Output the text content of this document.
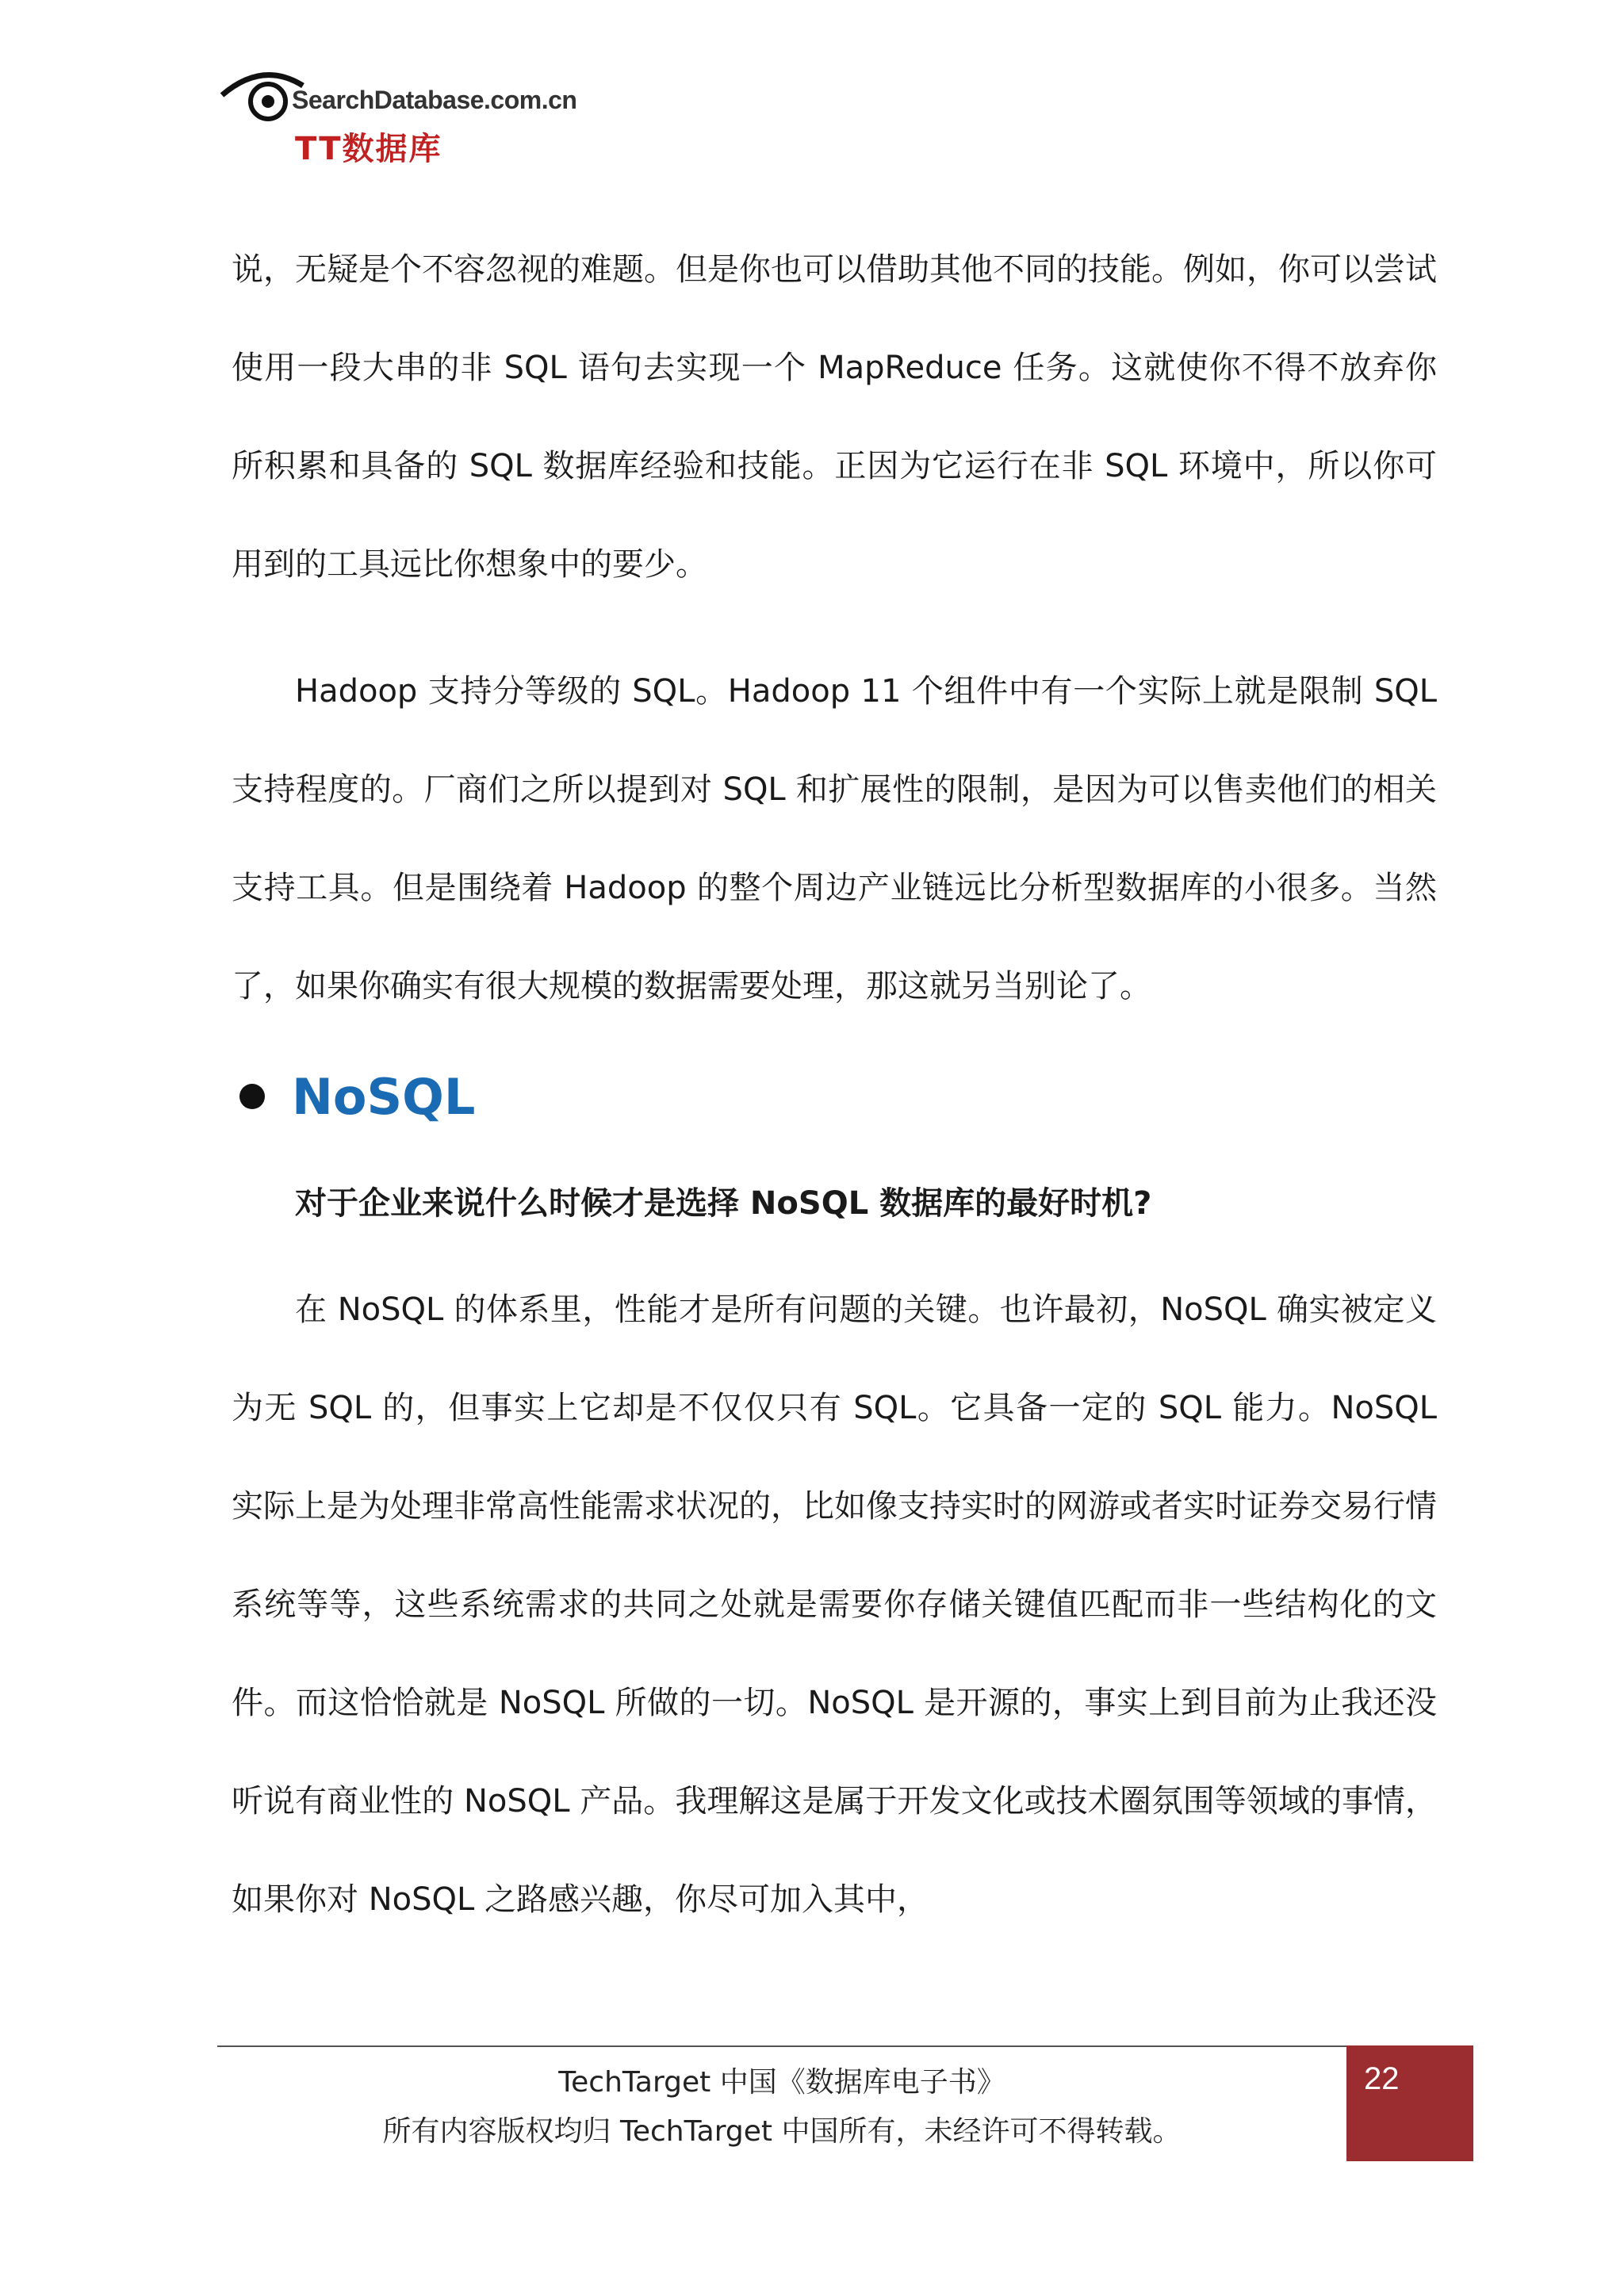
SearchDatabase.com.cn
TT数据库

说，无疑是个不容忽视的难题。但是你也可以借助其他不同的技能。例如，你可以尝试使用一段大串的非 SQL 语句去实现一个 MapReduce 任务。这就使你不得不放弃你所积累和具备的 SQL 数据库经验和技能。正因为它运行在非 SQL 环境中，所以你可用到的工具远比你想象中的要少。

Hadoop 支持分等级的 SQL。Hadoop 11 个组件中有一个实际上就是限制 SQL 支持程度的。厂商们之所以提到对 SQL 和扩展性的限制，是因为可以售卖他们的相关支持工具。但是围绕着 Hadoop 的整个周边产业链远比分析型数据库的小很多。当然了，如果你确实有很大规模的数据需要处理，那这就另当别论了。

NoSQL

对于企业来说什么时候才是选择 NoSQL 数据库的最好时机?

在 NoSQL 的体系里，性能才是所有问题的关键。也许最初，NoSQL 确实被定义为无 SQL 的，但事实上它却是不仅仅只有 SQL。它具备一定的 SQL 能力。NoSQL 实际上是为处理非常高性能需求状况的，比如像支持实时的网游或者实时证券交易行情系统等等，这些系统需求的共同之处就是需要你存储关键值匹配而非一些结构化的文件。而这恰恰就是 NoSQL 所做的一切。NoSQL 是开源的，事实上到目前为止我还没听说有商业性的 NoSQL 产品。我理解这是属于开发文化或技术圈氛围等领域的事情，如果你对 NoSQL 之路感兴趣，你尽可加入其中，

TechTarget 中国《数据库电子书》
所有内容版权均归 TechTarget 中国所有，未经许可不得转载。
22
